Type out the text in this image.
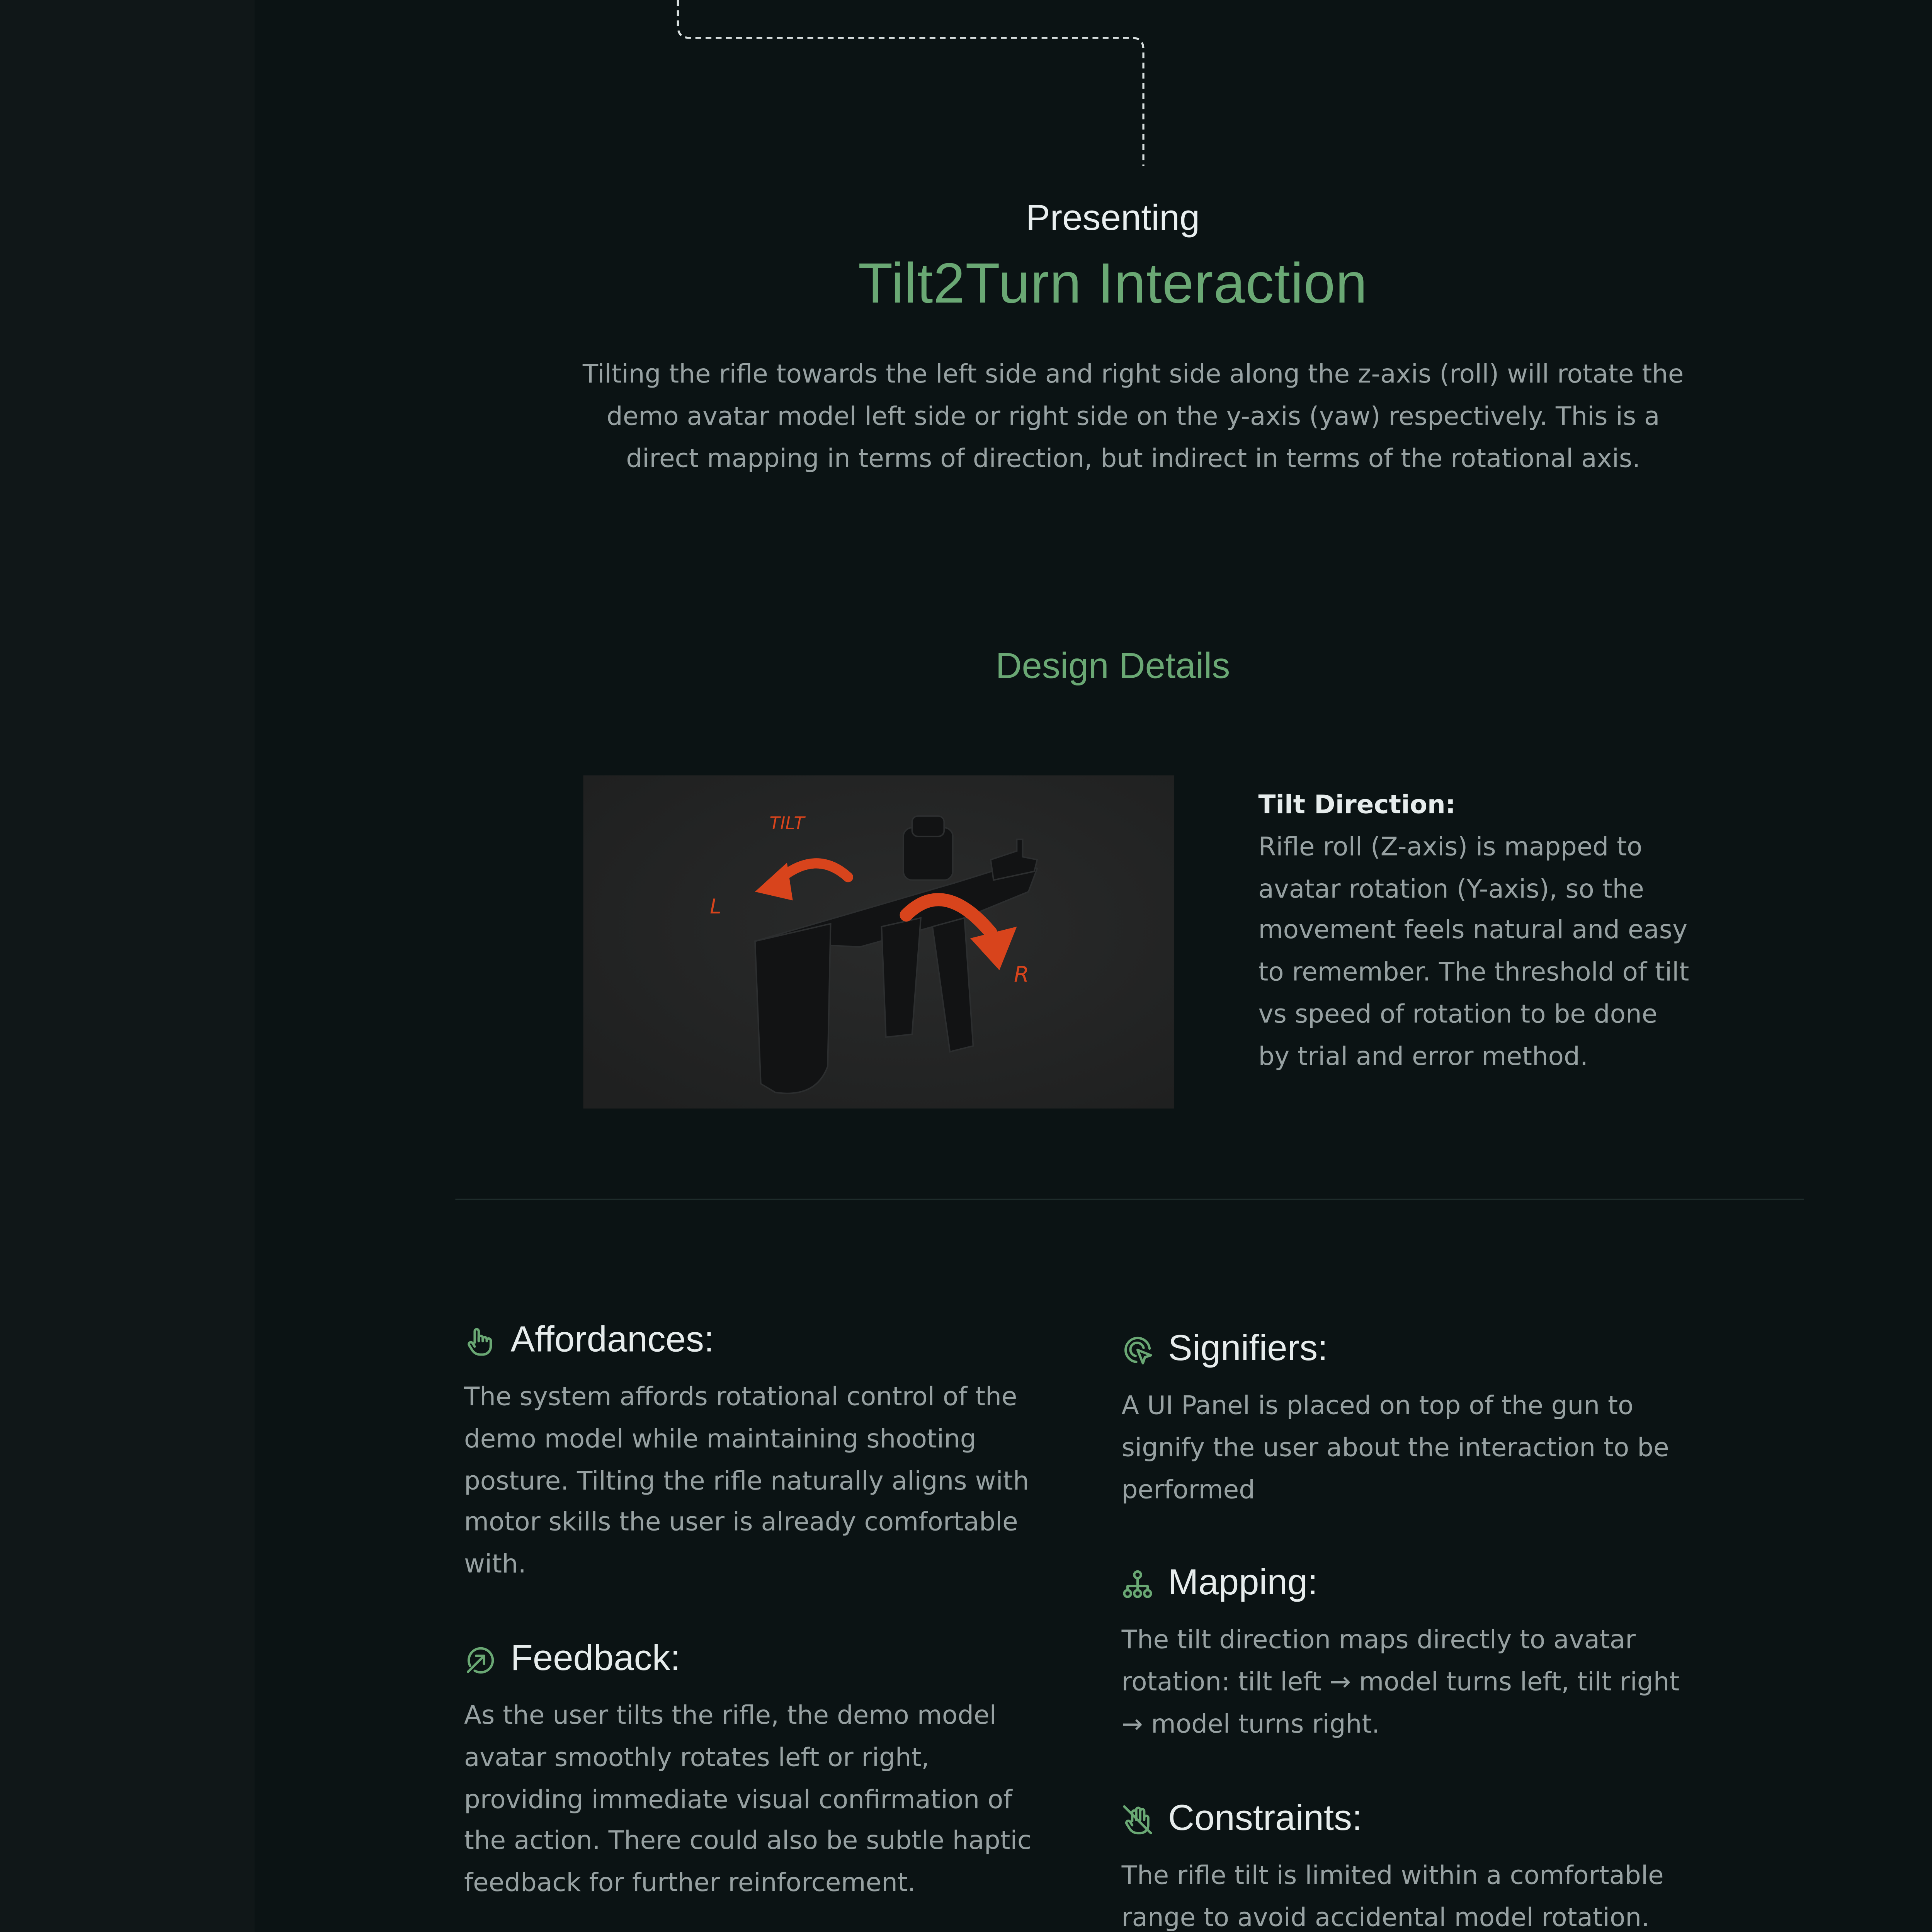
Presenting
Tilt2Turn Interaction
Tilting the rifle towards the left side and right side along the z-axis (roll) will rotate the demo avatar model left side or right side on the y-axis (yaw) respectively. This is a direct mapping in terms of direction, but indirect in terms of the rotational axis.
Design Details
TILT
L
R
Tilt Direction:
Rifle roll (Z-axis) is mapped to avatar rotation (Y-axis), so the movement feels natural and easy to remember. The threshold of tilt vs speed of rotation to be done by trial and error method.
Affordances:
The system affords rotational control of the demo model while maintaining shooting posture. Tilting the rifle naturally aligns with motor skills the user is already comfortable with.
Feedback:
As the user tilts the rifle, the demo model avatar smoothly rotates left or right, providing immediate visual confirmation of the action. There could also be subtle haptic feedback for further reinforcement.
Signifiers:
A UI Panel is placed on top of the gun to signify the user about the interaction to be performed
Mapping:
The tilt direction maps directly to avatar rotation: tilt left → model turns left, tilt right → model turns right.
Constraints:
The rifle tilt is limited within a comfortable range to avoid accidental model rotation.
